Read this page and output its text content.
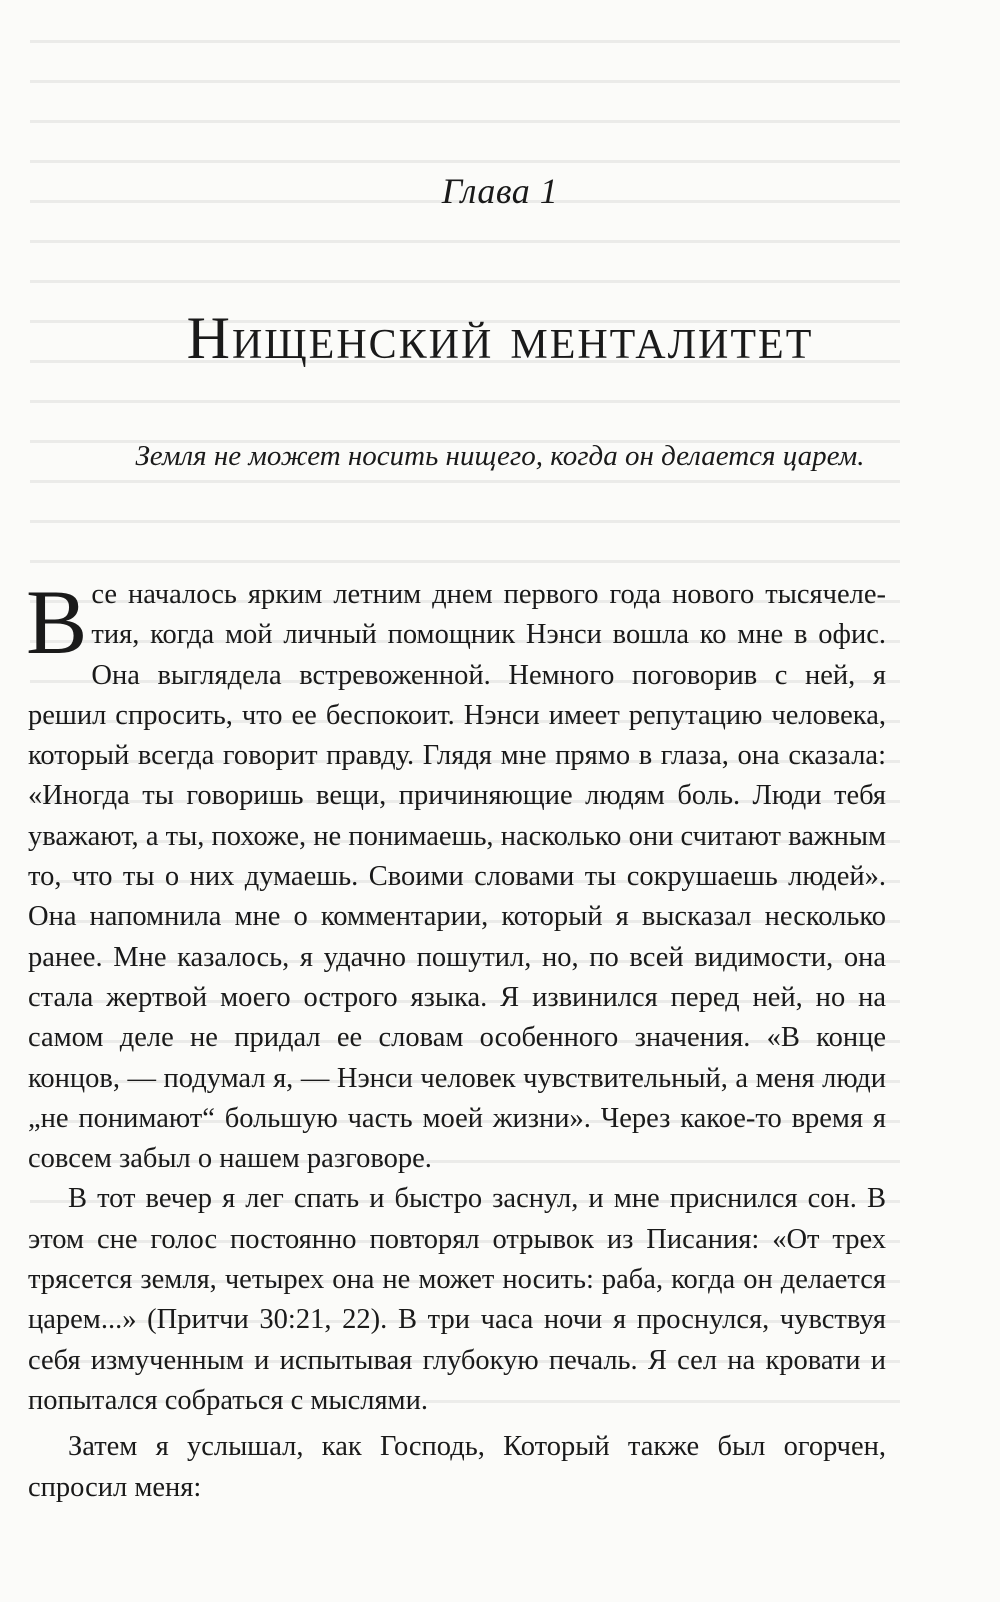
Глава 1
Нищенский менталитет
Земля не может носить нищего, когда он делается царем.

Все началось ярким летним днем первого года нового тысячеле-тия, когда мой личный помощник Нэнси вошла ко мне в офис. Она выглядела встревоженной. Немного поговорив с ней, я решил спросить, что ее беспокоит. Нэнси имеет репутацию человека, который всегда говорит правду. Глядя мне прямо в глаза, она сказала: «Иногда ты говоришь вещи, причиняющие людям боль. Люди тебя уважают, а ты, похоже, не понимаешь, насколько они считают важным то, что ты о них думаешь. Своими словами ты сокрушаешь людей». Она напомнила мне о комментарии, который я высказал несколько ранее. Мне казалось, я удачно пошутил, но, по всей видимости, она стала жертвой моего острого языка. Я извинился перед ней, но на самом деле не придал ее словам особенного значения. «В конце концов, — подумал я, — Нэнси человек чувствительный, а меня люди „не понимают“ большую часть моей жизни». Через какое-то время я совсем забыл о нашем разговоре.

В тот вечер я лег спать и быстро заснул, и мне приснился сон. В этом сне голос постоянно повторял отрывок из Писания: «От трех трясется земля, четырех она не может носить: раба, когда он делается царем...» (Притчи 30:21, 22). В три часа ночи я проснулся, чувствуя себя измученным и испытывая глубокую печаль. Я сел на кровати и попытался собраться с мыслями.

Затем я услышал, как Господь, Который также был огорчен, спросил меня:
